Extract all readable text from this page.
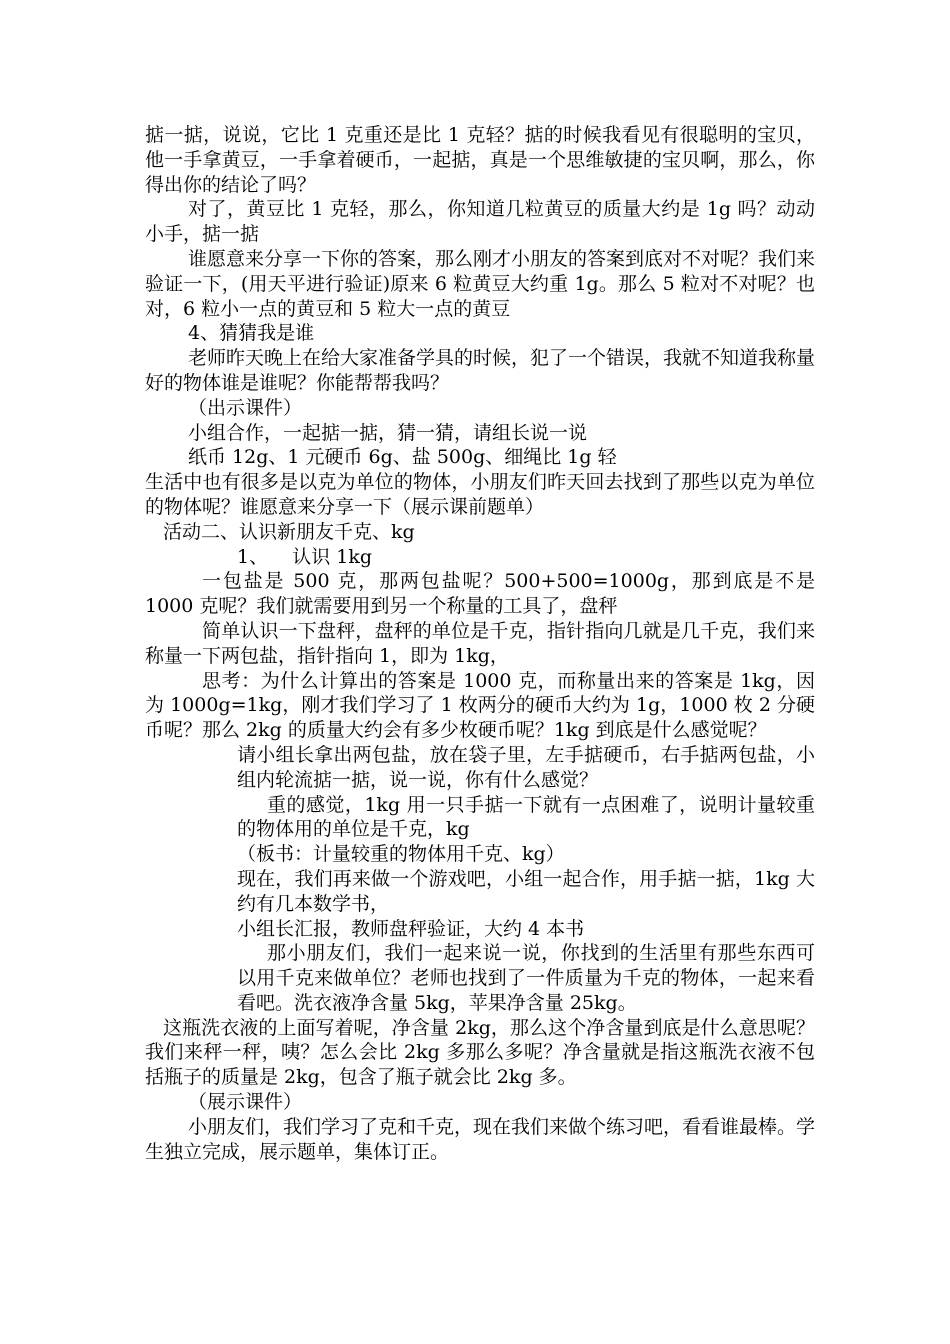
掂一掂，说说，它比 1 克重还是比 1 克轻？掂的时候我看见有很聪明的宝贝，他一手拿黄豆，一手拿着硬币，一起掂，真是一个思维敏捷的宝贝啊，那么，你得出你的结论了吗？

对了，黄豆比 1 克轻，那么，你知道几粒黄豆的质量大约是 1g 吗？动动小手，掂一掂

谁愿意来分享一下你的答案，那么刚才小朋友的答案到底对不对呢？我们来验证一下，(用天平进行验证)原来 6 粒黄豆大约重 1g。那么 5 粒对不对呢？也对，6 粒小一点的黄豆和 5 粒大一点的黄豆

4、猜猜我是谁

老师昨天晚上在给大家准备学具的时候，犯了一个错误，我就不知道我称量好的物体谁是谁呢？你能帮帮我吗？

（出示课件）

小组合作，一起掂一掂，猜一猜，请组长说一说

纸币 12g、1 元硬币 6g、盐 500g、细绳比 1g 轻

生活中也有很多是以克为单位的物体，小朋友们昨天回去找到了那些以克为单位的物体呢？谁愿意来分享一下（展示课前题单）

活动二、认识新朋友千克、kg

1、    认识 1kg

一包盐是 500 克，那两包盐呢？500+500=1000g，那到底是不是 1000 克呢？我们就需要用到另一个称量的工具了，盘秤

简单认识一下盘秤，盘秤的单位是千克，指针指向几就是几千克，我们来称量一下两包盐，指针指向 1，即为 1kg，

思考：为什么计算出的答案是 1000 克，而称量出来的答案是 1kg，因为 1000g=1kg，刚才我们学习了 1 枚两分的硬币大约为 1g，1000 枚 2 分硬币呢？那么 2kg 的质量大约会有多少枚硬币呢？1kg 到底是什么感觉呢？

请小组长拿出两包盐，放在袋子里，左手掂硬币，右手掂两包盐，小组内轮流掂一掂，说一说，你有什么感觉？

重的感觉，1kg 用一只手掂一下就有一点困难了，说明计量较重的物体用的单位是千克，kg

（板书：计量较重的物体用千克、kg）

现在，我们再来做一个游戏吧，小组一起合作，用手掂一掂，1kg 大约有几本数学书，

小组长汇报，教师盘秤验证，大约 4 本书

那小朋友们，我们一起来说一说，你找到的生活里有那些东西可以用千克来做单位？老师也找到了一件质量为千克的物体，一起来看看吧。洗衣液净含量 5kg，苹果净含量 25kg。

这瓶洗衣液的上面写着呢，净含量 2kg，那么这个净含量到底是什么意思呢？我们来秤一秤，咦？怎么会比 2kg 多那么多呢？净含量就是指这瓶洗衣液不包括瓶子的质量是 2kg，包含了瓶子就会比 2kg 多。

（展示课件）

小朋友们，我们学习了克和千克，现在我们来做个练习吧，看看谁最棒。学生独立完成，展示题单，集体订正。
